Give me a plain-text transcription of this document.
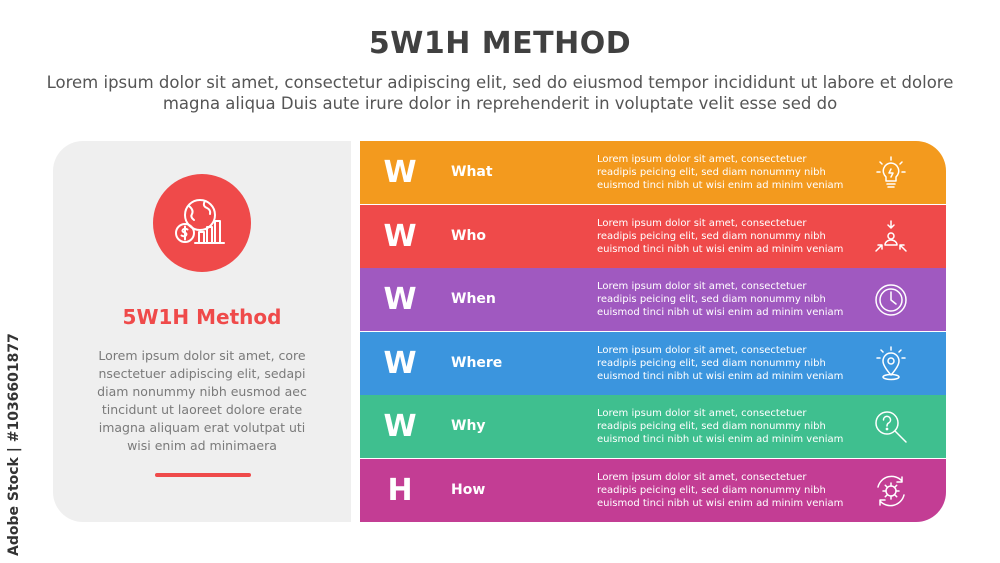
5W1H METHOD
Lorem ipsum dolor sit amet, consectetur adipiscing elit, sed do eiusmod tempor incididunt ut labore et dolore magna aliqua Duis aute irure dolor in reprehenderit in voluptate velit esse sed do
5W1H Method
Lorem ipsum dolor sit amet, core nsectetuer adipiscing elit, sedapi diam nonummy nibh eusmod aec tincidunt ut laoreet dolore erate imagna aliquam erat volutpat uti wisi enim ad minimaera
W What
Lorem ipsum dolor sit amet, consectetuer readipis peicing elit, sed diam nonummy nibh euismod tinci nibh ut wisi enim ad minim veniam
W Who
Lorem ipsum dolor sit amet, consectetuer readipis peicing elit, sed diam nonummy nibh euismod tinci nibh ut wisi enim ad minim veniam
W When
Lorem ipsum dolor sit amet, consectetuer readipis peicing elit, sed diam nonummy nibh euismod tinci nibh ut wisi enim ad minim veniam
W Where
Lorem ipsum dolor sit amet, consectetuer readipis peicing elit, sed diam nonummy nibh euismod tinci nibh ut wisi enim ad minim veniam
W Why
Lorem ipsum dolor sit amet, consectetuer readipis peicing elit, sed diam nonummy nibh euismod tinci nibh ut wisi enim ad minim veniam
H	How
Lorem ipsum dolor sit amet, consectetuer readipis peicing elit, sed diam nonummy nibh euismod tinci nibh ut wisi enim ad minim veniam
Adobe Stock | #1036601877
